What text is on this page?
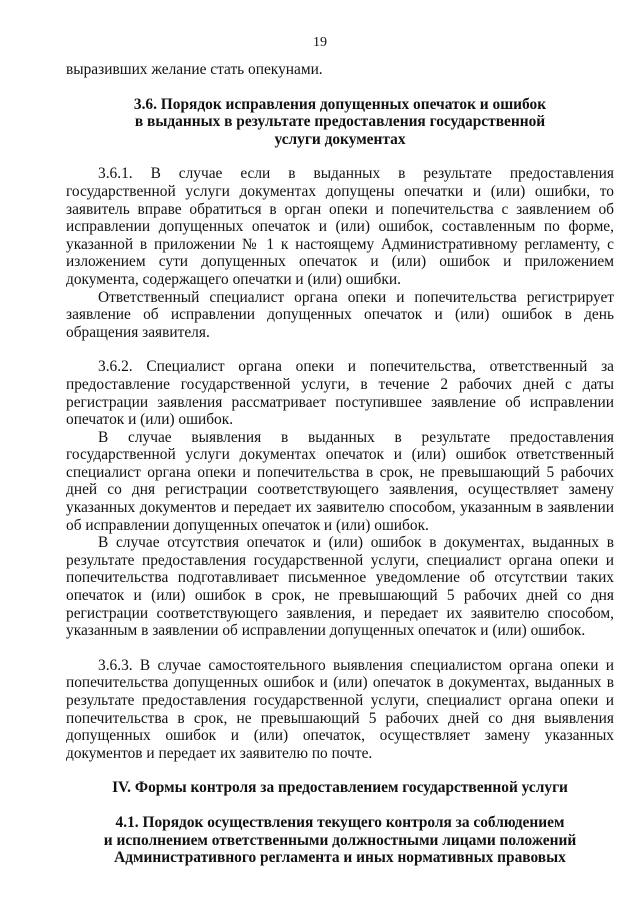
19

выразивших желание стать опекунами.

3.6. Порядок исправления допущенных опечаток и ошибок
в выданных в результате предоставления государственной
услуги документах

3.6.1. В случае если в выданных в результате предоставления государственной услуги документах допущены опечатки и (или) ошибки, то заявитель вправе обратиться в орган опеки и попечительства с заявлением об исправлении допущенных опечаток и (или) ошибок, составленным по форме, указанной в приложении № 1 к настоящему Административному регламенту, с изложением сути допущенных опечаток и (или) ошибок и приложением документа, содержащего опечатки и (или) ошибки.

Ответственный специалист органа опеки и попечительства регистрирует заявление об исправлении допущенных опечаток и (или) ошибок в день обращения заявителя.

3.6.2. Специалист органа опеки и попечительства, ответственный за предоставление государственной услуги, в течение 2 рабочих дней с даты регистрации заявления рассматривает поступившее заявление об исправлении опечаток и (или) ошибок.

В случае выявления в выданных в результате предоставления государственной услуги документах опечаток и (или) ошибок ответственный специалист органа опеки и попечительства в срок, не превышающий 5 рабочих дней со дня регистрации соответствующего заявления, осуществляет замену указанных документов и передает их заявителю способом, указанным в заявлении об исправлении допущенных опечаток и (или) ошибок.

В случае отсутствия опечаток и (или) ошибок в документах, выданных в результате предоставления государственной услуги, специалист органа опеки и попечительства подготавливает письменное уведомление об отсутствии таких опечаток и (или) ошибок в срок, не превышающий 5 рабочих дней со дня регистрации соответствующего заявления, и передает их заявителю способом, указанным в заявлении об исправлении допущенных опечаток и (или) ошибок.

3.6.3. В случае самостоятельного выявления специалистом органа опеки и попечительства допущенных ошибок и (или) опечаток в документах, выданных в результате предоставления государственной услуги, специалист органа опеки и попечительства в срок, не превышающий 5 рабочих дней со дня выявления допущенных ошибок и (или) опечаток, осуществляет замену указанных документов и передает их заявителю по почте.

IV. Формы контроля за предоставлением государственной услуги
4.1. Порядок осуществления текущего контроля за соблюдением
и исполнением ответственными должностными лицами положений
Административного регламента и иных нормативных правовых
